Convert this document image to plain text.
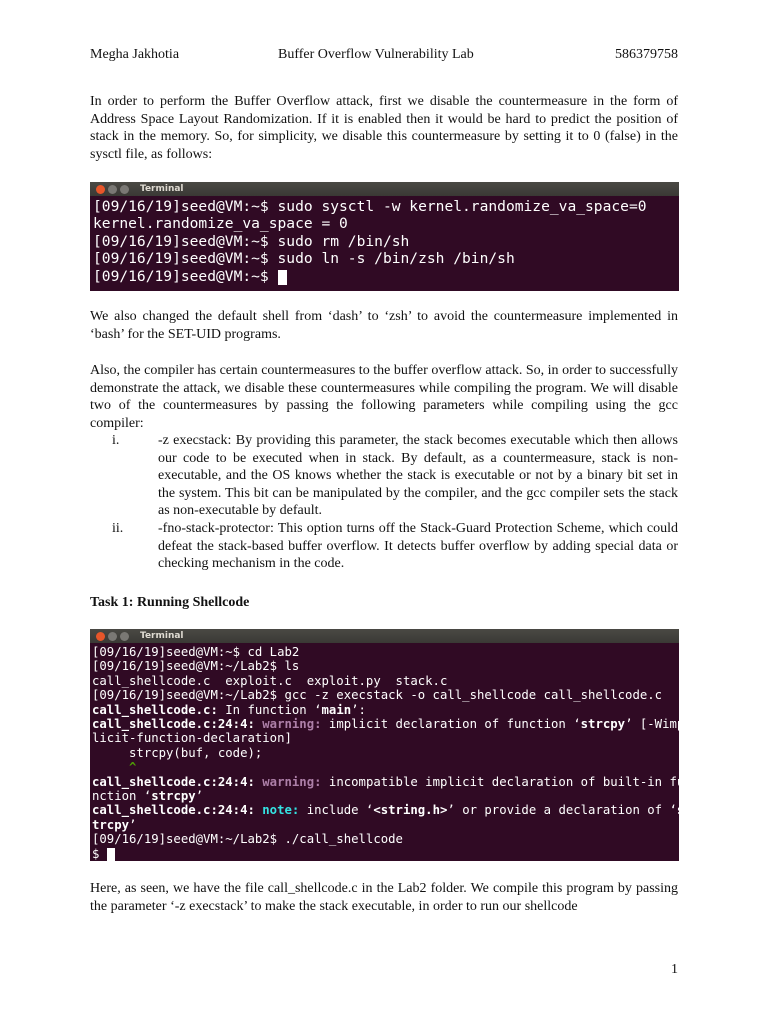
Megha Jakhotia	Buffer Overflow Vulnerability Lab	586379758

In order to perform the Buffer Overflow attack, first we disable the countermeasure in the form of Address Space Layout Randomization. If it is enabled then it would be hard to predict the position of stack in the memory. So, for simplicity, we disable this countermeasure by setting it to 0 (false) in the sysctl file, as follows:

Terminal
[09/16/19]seed@VM:~$ sudo sysctl -w kernel.randomize_va_space=0
kernel.randomize_va_space = 0
[09/16/19]seed@VM:~$ sudo rm /bin/sh
[09/16/19]seed@VM:~$ sudo ln -s /bin/zsh /bin/sh
[09/16/19]seed@VM:~$

We also changed the default shell from ‘dash’ to ‘zsh’ to avoid the countermeasure implemented in ‘bash’ for the SET-UID programs.

Also, the compiler has certain countermeasures to the buffer overflow attack. So, in order to successfully demonstrate the attack, we disable these countermeasures while compiling the program. We will disable two of the countermeasures by passing the following parameters while compiling using the gcc compiler:

i.	-z execstack: By providing this parameter, the stack becomes executable which then allows our code to be executed when in stack. By default, as a countermeasure, stack is non-executable, and the OS knows whether the stack is executable or not by a binary bit set in the system. This bit can be manipulated by the compiler, and the gcc compiler sets the stack as non-executable by default.
ii.	-fno-stack-protector: This option turns off the Stack-Guard Protection Scheme, which could defeat the stack-based buffer overflow. It detects buffer overflow by adding special data or checking mechanism in the code.
Task 1: Running Shellcode
Terminal
[09/16/19]seed@VM:~$ cd Lab2
[09/16/19]seed@VM:~/Lab2$ ls
call_shellcode.c  exploit.c  exploit.py  stack.c
[09/16/19]seed@VM:~/Lab2$ gcc -z execstack -o call_shellcode call_shellcode.c
call_shellcode.c: In function ‘main’:
call_shellcode.c:24:4: warning: implicit declaration of function ‘strcpy’ [-Wimp
licit-function-declaration]
strcpy(buf, code);
^
call_shellcode.c:24:4: warning: incompatible implicit declaration of built-in fu
nction ‘strcpy’
call_shellcode.c:24:4: note: include ‘<string.h>’ or provide a declaration of ‘s
trcpy’
[09/16/19]seed@VM:~/Lab2$ ./call_shellcode
$

Here, as seen, we have the file call_shellcode.c in the Lab2 folder. We compile this program by passing the parameter ‘-z execstack’ to make the stack executable, in order to run our shellcode

1
